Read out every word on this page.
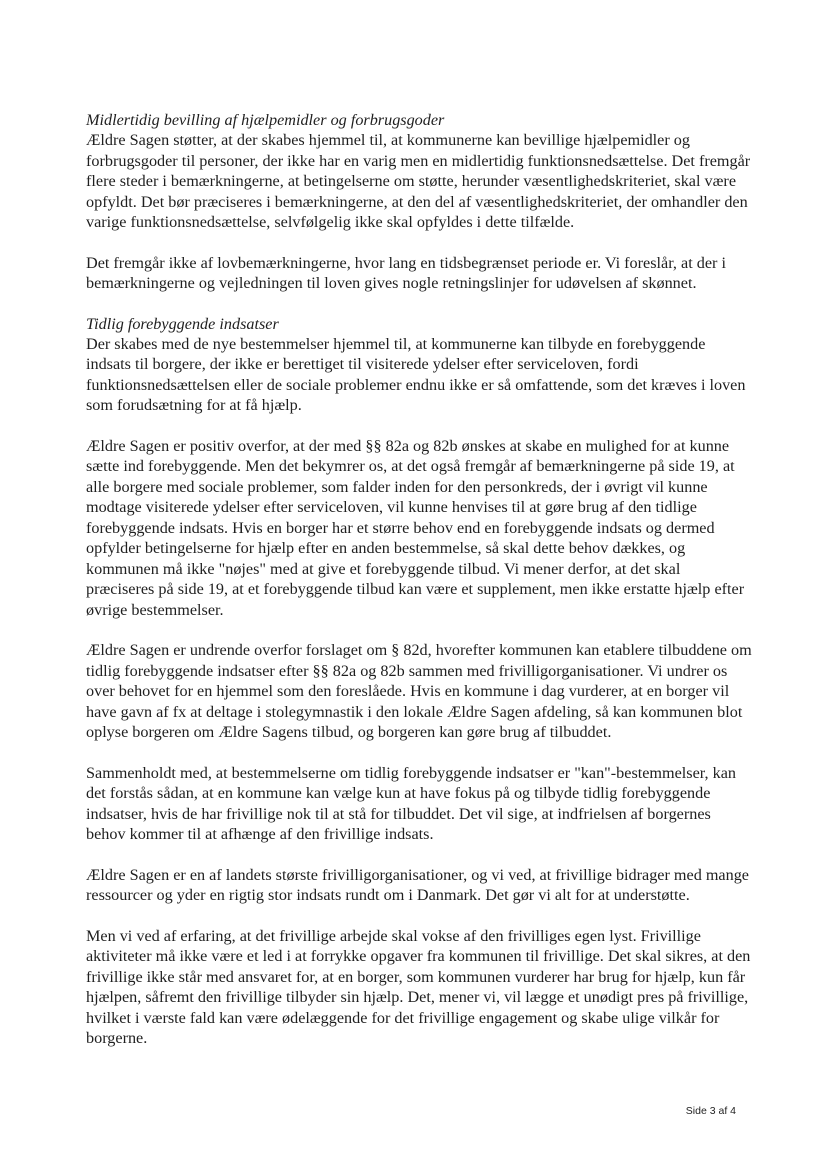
Midlertidig bevilling af hjælpemidler og forbrugsgoder

Ældre Sagen støtter, at der skabes hjemmel til, at kommunerne kan bevillige hjælpemidler og forbrugsgoder til personer, der ikke har en varig men en midlertidig funktionsnedsættelse. Det fremgår flere steder i bemærkningerne, at betingelserne om støtte, herunder væsentlighedskriteriet, skal være opfyldt. Det bør præciseres i bemærkningerne, at den del af væsentlighedskriteriet, der omhandler den varige funktionsnedsættelse, selvfølgelig ikke skal opfyldes i dette tilfælde.

Det fremgår ikke af lovbemærkningerne, hvor lang en tidsbegrænset periode er. Vi foreslår, at der i bemærkningerne og vejledningen til loven gives nogle retningslinjer for udøvelsen af skønnet.

Tidlig forebyggende indsatser

Der skabes med de nye bestemmelser hjemmel til, at kommunerne kan tilbyde en forebyggende indsats til borgere, der ikke er berettiget til visiterede ydelser efter serviceloven, fordi funktionsnedsættelsen eller de sociale problemer endnu ikke er så omfattende, som det kræves i loven som forudsætning for at få hjælp.

Ældre Sagen er positiv overfor, at der med §§ 82a og 82b ønskes at skabe en mulighed for at kunne sætte ind forebyggende. Men det bekymrer os, at det også fremgår af bemærkningerne på side 19, at alle borgere med sociale problemer, som falder inden for den personkreds, der i øvrigt vil kunne modtage visiterede ydelser efter serviceloven, vil kunne henvises til at gøre brug af den tidlige forebyggende indsats. Hvis en borger har et større behov end en forebyggende indsats og dermed opfylder betingelserne for hjælp efter en anden bestemmelse, så skal dette behov dækkes, og kommunen må ikke "nøjes" med at give et forebyggende tilbud. Vi mener derfor, at det skal præciseres på side 19, at et forebyggende tilbud kan være et supplement, men ikke erstatte hjælp efter øvrige bestemmelser.

Ældre Sagen er undrende overfor forslaget om § 82d, hvorefter kommunen kan etablere tilbuddene om tidlig forebyggende indsatser efter §§ 82a og 82b sammen med frivilligorganisationer. Vi undrer os over behovet for en hjemmel som den foreslåede. Hvis en kommune i dag vurderer, at en borger vil have gavn af fx at deltage i stolegymnastik i den lokale Ældre Sagen afdeling, så kan kommunen blot oplyse borgeren om Ældre Sagens tilbud, og borgeren kan gøre brug af tilbuddet.

Sammenholdt med, at bestemmelserne om tidlig forebyggende indsatser er "kan"-bestemmelser, kan det forstås sådan, at en kommune kan vælge kun at have fokus på og tilbyde tidlig forebyggende indsatser, hvis de har frivillige nok til at stå for tilbuddet. Det vil sige, at indfrielsen af borgernes behov kommer til at afhænge af den frivillige indsats.

Ældre Sagen er en af landets største frivilligorganisationer, og vi ved, at frivillige bidrager med mange ressourcer og yder en rigtig stor indsats rundt om i Danmark. Det gør vi alt for at understøtte.

Men vi ved af erfaring, at det frivillige arbejde skal vokse af den frivilliges egen lyst. Frivillige aktiviteter må ikke være et led i at forrykke opgaver fra kommunen til frivillige. Det skal sikres, at den frivillige ikke står med ansvaret for, at en borger, som kommunen vurderer har brug for hjælp, kun får hjælpen, såfremt den frivillige tilbyder sin hjælp. Det, mener vi, vil lægge et unødigt pres på frivillige, hvilket i værste fald kan være ødelæggende for det frivillige engagement og skabe ulige vilkår for borgerne.

Side 3 af 4
